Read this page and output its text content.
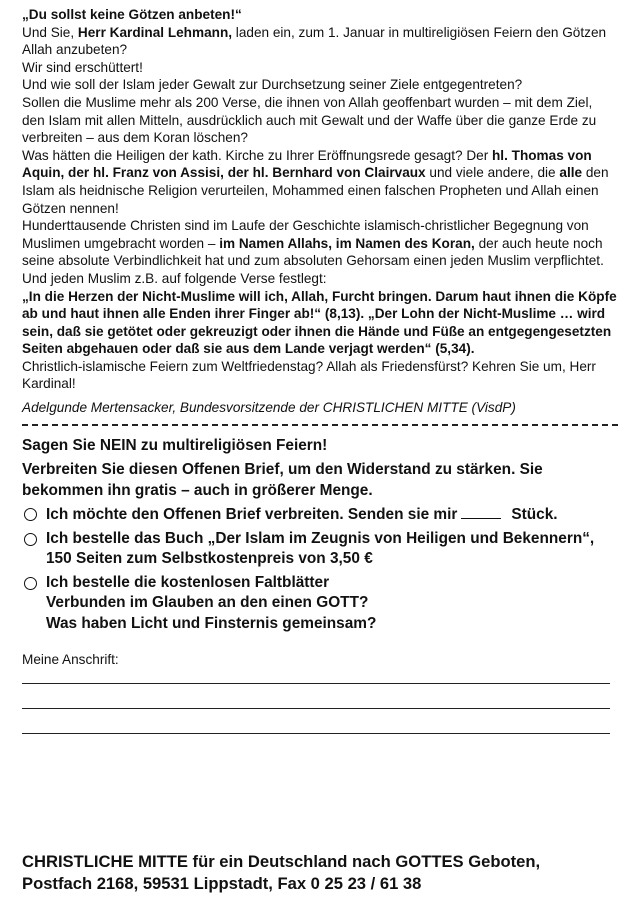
„Du sollst keine Götzen anbeten!“

Und Sie, Herr Kardinal Lehmann, laden ein, zum 1. Januar in multireligiösen Feiern den Götzen Allah anzubeten?

Wir sind erschüttert!

Und wie soll der Islam jeder Gewalt zur Durchsetzung seiner Ziele entgegentreten?

Sollen die Muslime mehr als 200 Verse, die ihnen von Allah geoffenbart wurden – mit dem Ziel, den Islam mit allen Mitteln, ausdrücklich auch mit Gewalt und der Waffe über die ganze Erde zu verbreiten – aus dem Koran löschen?

Was hätten die Heiligen der kath. Kirche zu Ihrer Eröffnungsrede gesagt? Der hl. Thomas von Aquin, der hl. Franz von Assisi, der hl. Bernhard von Clairvaux und viele andere, die alle den Islam als heidnische Religion verurteilen, Mohammed einen falschen Propheten und Allah einen Götzen nennen!

Hunderttausende Christen sind im Laufe der Geschichte islamisch-christlicher Begegnung von Muslimen umgebracht worden – im Namen Allahs, im Namen des Koran, der auch heute noch seine absolute Verbindlichkeit hat und zum absoluten Gehorsam einen jeden Muslim verpflichtet. Und jeden Muslim z.B. auf folgende Verse festlegt:

„In die Herzen der Nicht-Muslime will ich, Allah, Furcht bringen. Darum haut ihnen die Köpfe ab und haut ihnen alle Enden ihrer Finger ab!“ (8,13). „Der Lohn der Nicht-Muslime … wird sein, daß sie getötet oder gekreuzigt oder ihnen die Hände und Füße an entgegengesetzten Seiten abgehauen oder daß sie aus dem Lande verjagt werden“ (5,34).

Christlich-islamische Feiern zum Weltfriedenstag? Allah als Friedensfürst? Kehren Sie um, Herr Kardinal!

Adelgunde Mertensacker, Bundesvorsitzende der CHRISTLICHEN MITTE (VisdP)

Sagen Sie NEIN zu multireligiösen Feiern!

Verbreiten Sie diesen Offenen Brief, um den Widerstand zu stärken. Sie bekommen ihn gratis – auch in größerer Menge.

Ich möchte den Offenen Brief verbreiten. Senden sie mir	Stück.
Ich bestelle das Buch „Der Islam im Zeugnis von Heiligen und Bekennern“, 150 Seiten zum Selbstkostenpreis von 3,50 €
Ich bestelle die kostenlosen Faltblätter
Verbunden im Glauben an den einen GOTT?
Was haben Licht und Finsternis gemeinsam?
Meine Anschrift:

CHRISTLICHE MITTE für ein Deutschland nach GOTTES Geboten,

Postfach 2168, 59531 Lippstadt, Fax 0 25 23 / 61 38
